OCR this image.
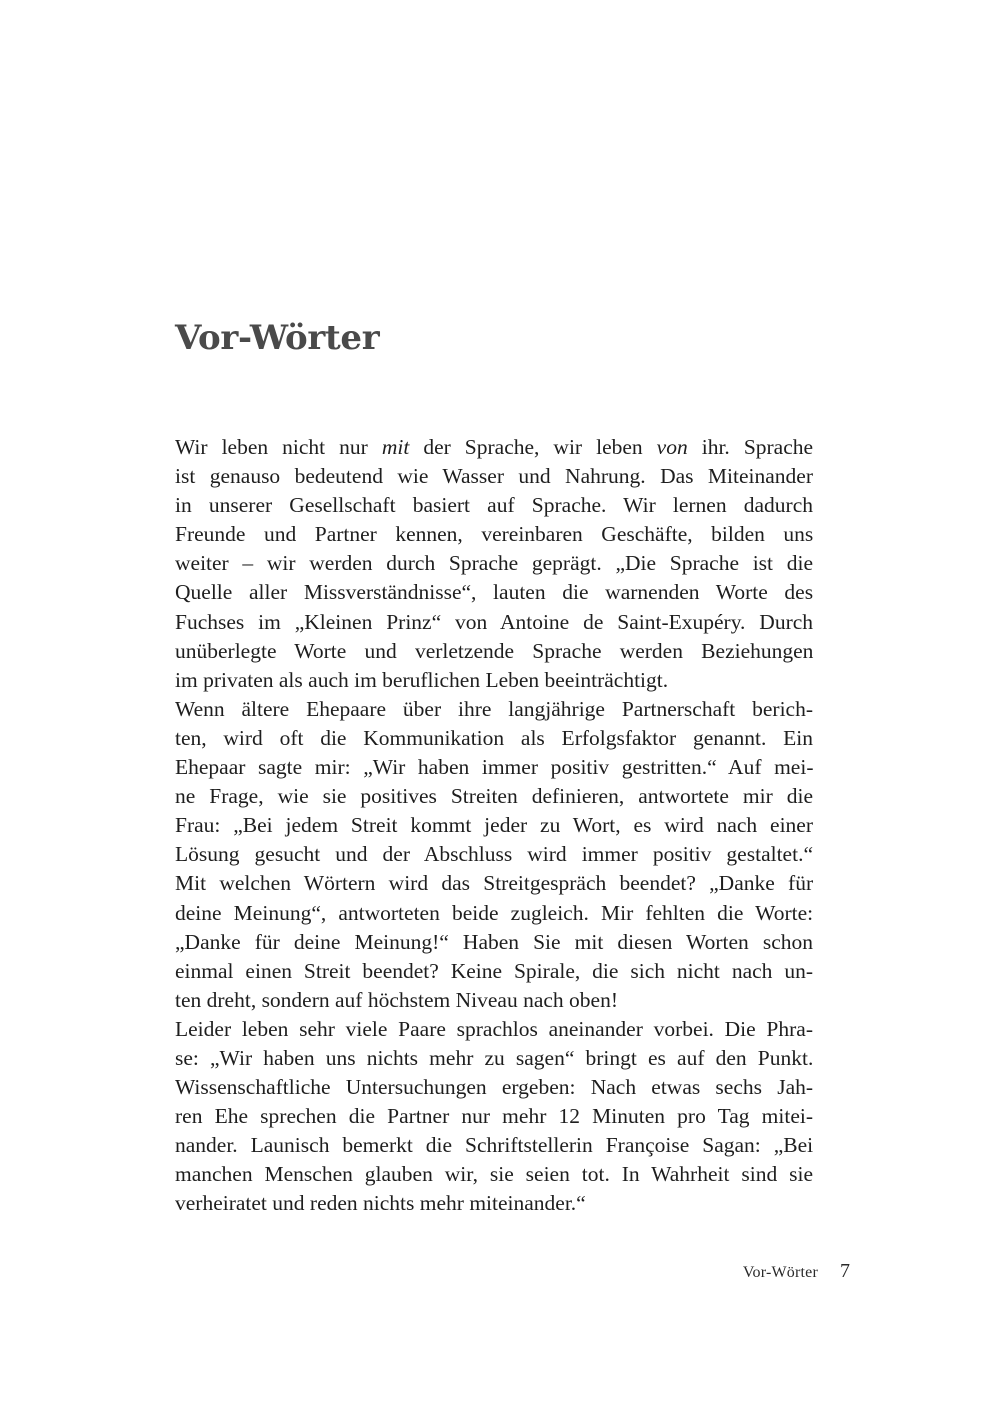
Vor-Wörter
Wir leben nicht nur mit der Sprache, wir leben von ihr. Sprache
ist genauso bedeutend wie Wasser und Nahrung. Das Miteinander
in unserer Gesellschaft basiert auf Sprache. Wir lernen dadurch
Freunde und Partner kennen, vereinbaren Geschäfte, bilden uns
weiter – wir werden durch Sprache geprägt. „Die Sprache ist die
Quelle aller Missverständnisse“, lauten die warnenden Worte des
Fuchses im „Kleinen Prinz“ von Antoine de Saint-Exupéry. Durch
unüberlegte Worte und verletzende Sprache werden Beziehungen
im privaten als auch im beruflichen Leben beeinträchtigt.
Wenn ältere Ehepaare über ihre langjährige Partnerschaft berich-
ten, wird oft die Kommunikation als Erfolgsfaktor genannt. Ein
Ehepaar sagte mir: „Wir haben immer positiv gestritten.“ Auf mei-
ne Frage, wie sie positives Streiten definieren, antwortete mir die
Frau: „Bei jedem Streit kommt jeder zu Wort, es wird nach einer
Lösung gesucht und der Abschluss wird immer positiv gestaltet.“
Mit welchen Wörtern wird das Streitgespräch beendet? „Danke für
deine Meinung“, antworteten beide zugleich. Mir fehlten die Worte:
„Danke für deine Meinung!“ Haben Sie mit diesen Worten schon
einmal einen Streit beendet? Keine Spirale, die sich nicht nach un-
ten dreht, sondern auf höchstem Niveau nach oben!
Leider leben sehr viele Paare sprachlos aneinander vorbei. Die Phra-
se: „Wir haben uns nichts mehr zu sagen“ bringt es auf den Punkt.
Wissenschaftliche Untersuchungen ergeben: Nach etwas sechs Jah-
ren Ehe sprechen die Partner nur mehr 12 Minuten pro Tag mitei-
nander. Launisch bemerkt die Schriftstellerin Françoise Sagan: „Bei
manchen Menschen glauben wir, sie seien tot. In Wahrheit sind sie
verheiratet und reden nichts mehr miteinander.“
Vor-Wörter 7
